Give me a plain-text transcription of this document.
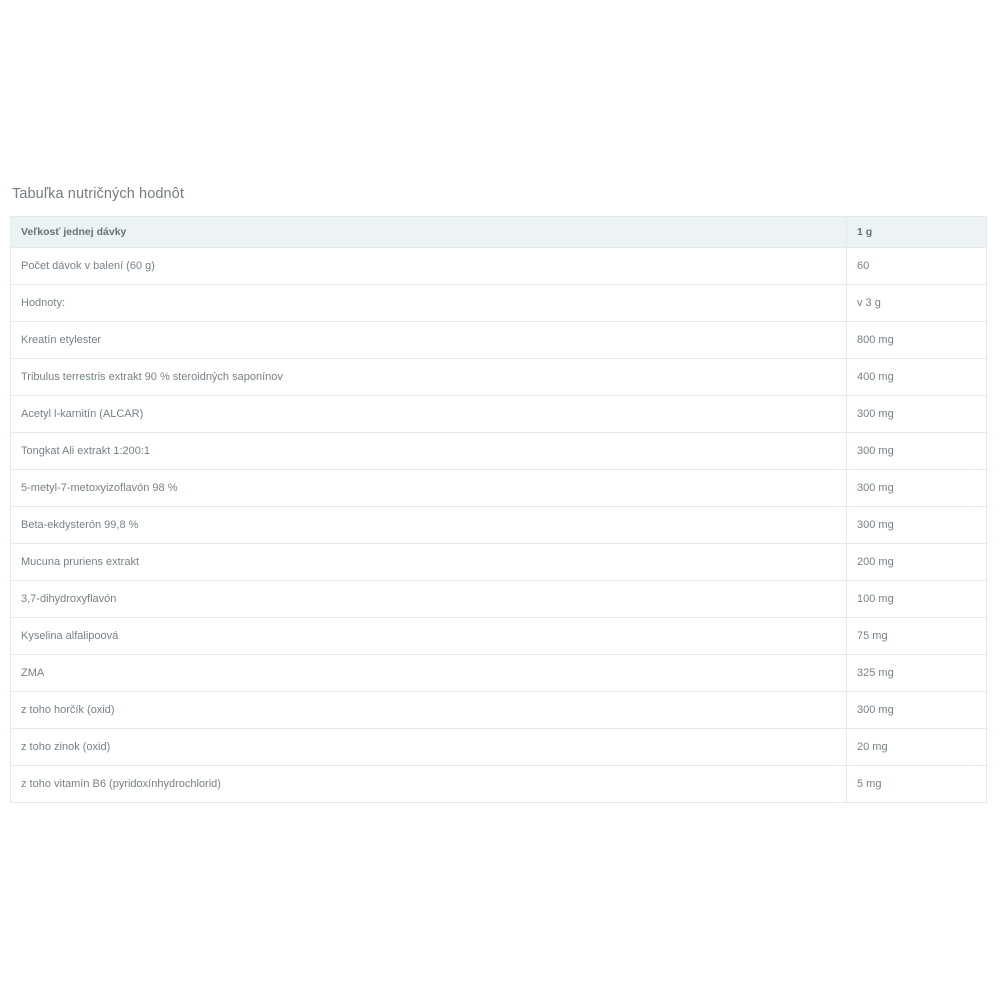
Tabuľka nutričných hodnôt
Veľkosť jednej dávky	1 g
Počet dávok v balení (60 g)	60
Hodnoty:	v 3 g
Kreatín etylester	800 mg
Tribulus terrestris extrakt 90 % steroidných saponínov	400 mg
Acetyl l-karnitín (ALCAR)	300 mg
Tongkat Ali extrakt 1:200:1	300 mg
5-metyl-7-metoxyizoflavón 98 %	300 mg
Beta-ekdysterón 99,8 %	300 mg
Mucuna pruriens extrakt	200 mg
3,7-dihydroxyflavón	100 mg
Kyselina alfalipoová	75 mg
ZMA	325 mg
z toho horčík (oxid)	300 mg
z toho zinok (oxid)	20 mg
z toho vitamín B6 (pyridoxínhydrochlorid)	5 mg
